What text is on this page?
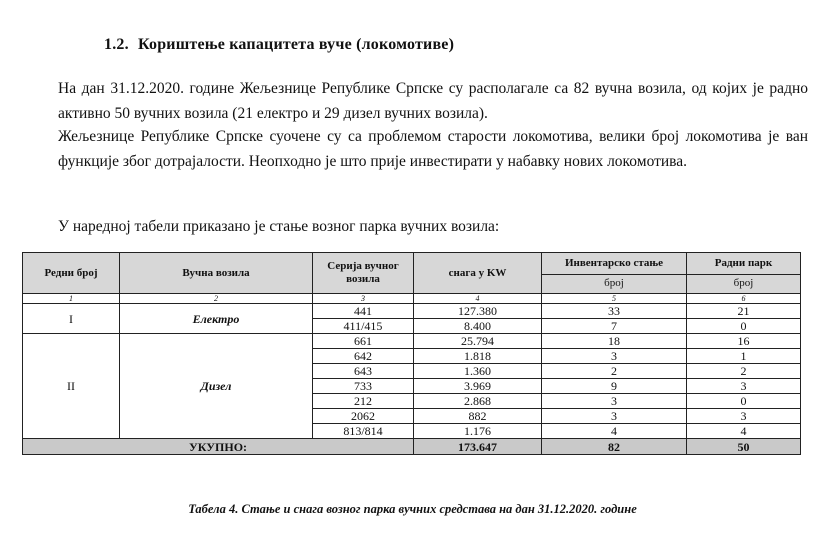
1.2. Кориштење капацитета вуче (локомотиве)
На дан 31.12.2020. године Жељезнице Републике Српске су располагале са 82 вучна возила, од којих је радно активно 50 вучних возила (21 електро и 29 дизел вучних возила).
Жељезнице Републике Српске суочене су са проблемом старости локомотива, велики број локомотива је ван функције због дотрајалости. Неопходно је што прије инвестирати у набавку нових локомотива.
У наредној табели приказано је стање возног парка вучних возила:
Редни број	Вучна возила	Серија вучног возила	снага у KW	Инвентарско стање	Радни парк
				број	број
1	2	3	4	5	6
I	Електро	441	127.380	33	21
		411/415	8.400	7	0
II	Дизел	661	25.794	18	16
		642	1.818	3	1
		643	1.360	2	2
		733	3.969	9	3
		212	2.868	3	0
		2062	882	3	3
		813/814	1.176	4	4
УКУПНО:			173.647	82	50
Табела 4. Стање и снага возног парка вучних средстава на дан 31.12.2020. године
